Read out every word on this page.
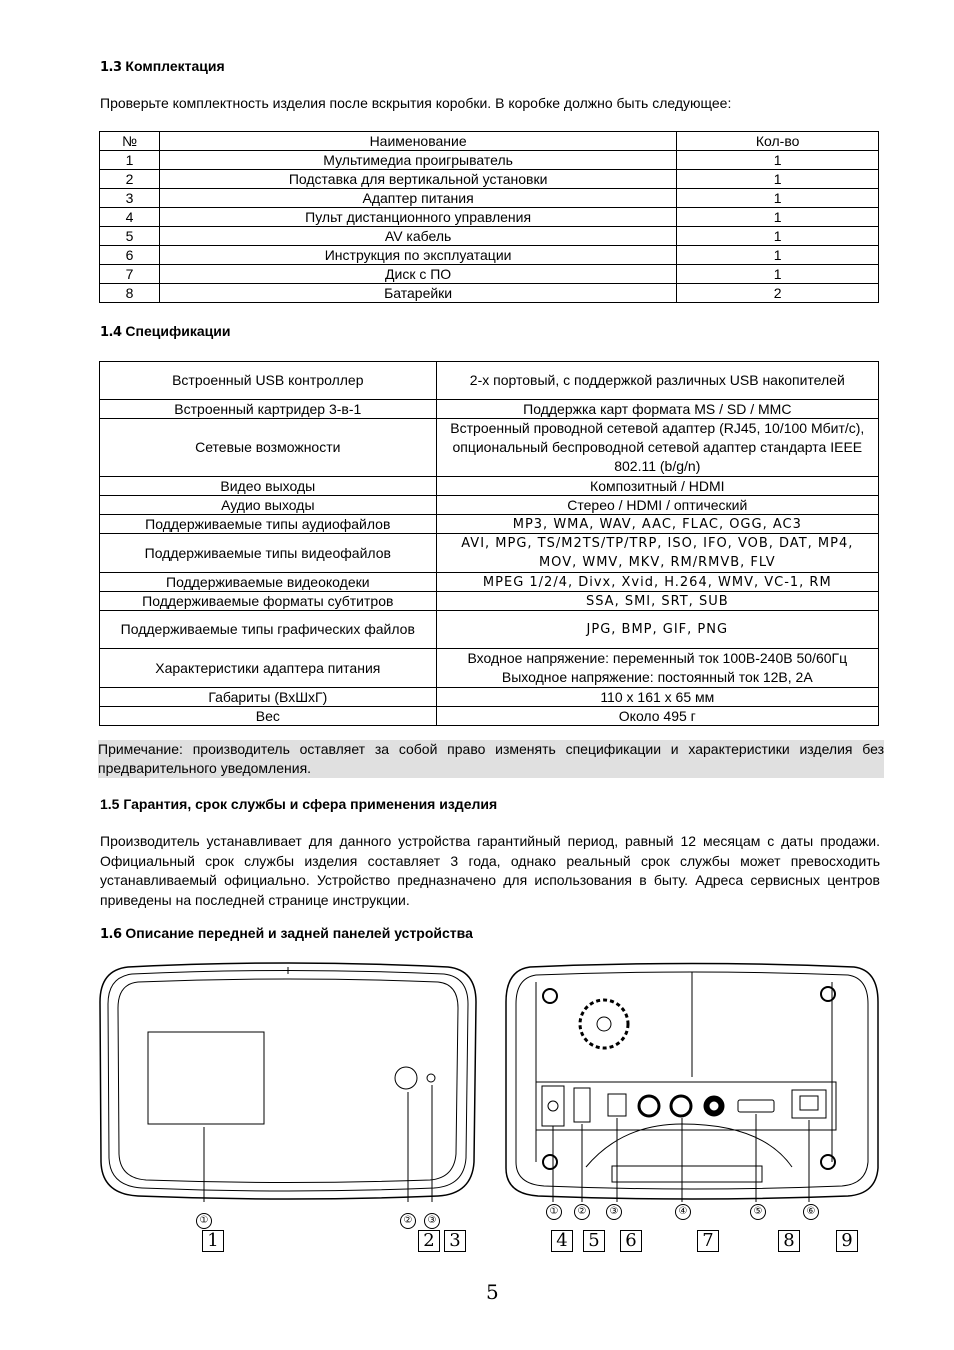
1.3 Комплектация
Проверьте комплектность изделия после вскрытия коробки. В коробке должно быть следующее:
№	Наименование	Кол-во
1	Мультимедиа проигрыватель	1
2	Подставка для вертикальной установки	1
3	Адаптер питания	1
4	Пульт дистанционного управления	1
5	AV кабель	1
6	Инструкция по эксплуатации	1
7	Диск с ПО	1
8	Батарейки	2
1.4 Спецификации
Встроенный USB контроллер	2-х портовый, с поддержкой различных USB накопителей
Встроенный картридер 3-в-1	Поддержка карт формата MS / SD / MMC
Сетевые возможности	Встроенный проводной сетевой адаптер (RJ45, 10/100 Мбит/с), опциональный беспроводной сетевой адаптер стандарта IEEE 802.11 (b/g/n)
Видео выходы	Композитный / HDMI
Аудио выходы	Стерео / HDMI / оптический
Поддерживаемые типы аудиофайлов	MP3, WMA, WAV, AAC, FLAC, OGG, AC3
Поддерживаемые типы видеофайлов	AVI, MPG, TS/M2TS/TP/TRP, ISO, IFO, VOB, DAT, MP4, MOV, WMV, MKV, RM/RMVB, FLV
Поддерживаемые видеокодеки	MPEG 1/2/4, Divx, Xvid, H.264, WMV, VC-1, RM
Поддерживаемые форматы субтитров	SSA, SMI, SRT, SUB
Поддерживаемые типы графических файлов	JPG, BMP, GIF, PNG
Характеристики адаптера питания	Входное напряжение: переменный ток 100В-240В 50/60Гц Выходное напряжение: постоянный ток 12В, 2А
Габариты (ВхШхГ)	110 x 161 x 65 мм
Вес	Около 495 г
Примечание: производитель оставляет за собой право изменять спецификации и характеристики изделия без предварительного уведомления.
1.5 Гарантия, срок службы и сфера применения изделия
Производитель устанавливает для данного устройства гарантийный период, равный 12 месяцам с даты продажи. Официальный срок службы изделия составляет 3 года, однако реальный срок службы может превосходить устанавливаемый официально. Устройство предназначено для использования в быту. Адреса сервисных центров приведены на последней странице инструкции.
1.6 Описание передней и задней панелей устройства
①	②	③
①	②	③	④	⑤	⑥
1	2 3	4 5 6	7	8	9
5
